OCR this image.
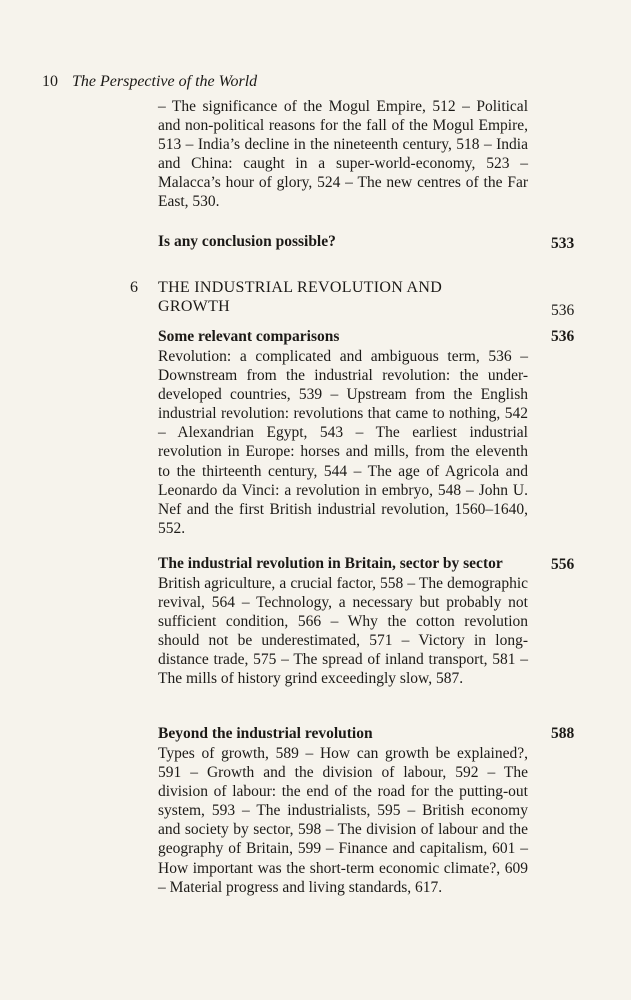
10 The Perspective of the World

– The significance of the Mogul Empire, 512 – Political and non-political reasons for the fall of the Mogul Empire, 513 – India’s decline in the nineteenth century, 518 – India and China: caught in a super-world-economy, 523 – Malacca’s hour of glory, 524 – The new centres of the Far East, 530.

Is any conclusion possible?	533
6 THE INDUSTRIAL REVOLUTION AND
GROWTH	536
Some relevant comparisons	536

Revolution: a complicated and ambiguous term, 536 – Downstream from the industrial revolution: the under-developed countries, 539 – Upstream from the English industrial revolution: revolutions that came to nothing, 542 – Alexandrian Egypt, 543 – The earliest industrial revolution in Europe: horses and mills, from the eleventh to the thirteenth century, 544 – The age of Agricola and Leonardo da Vinci: a revolution in embryo, 548 – John U. Nef and the first British industrial revolution, 1560–1640, 552.

The industrial revolution in Britain, sector by sector	556

British agriculture, a crucial factor, 558 – The demographic revival, 564 – Technology, a necessary but probably not sufficient condition, 566 – Why the cotton revolution should not be underestimated, 571 – Victory in long-distance trade, 575 – The spread of inland transport, 581 – The mills of history grind exceedingly slow, 587.

Beyond the industrial revolution	588

Types of growth, 589 – How can growth be explained?, 591 – Growth and the division of labour, 592 – The division of labour: the end of the road for the putting-out system, 593 – The industrialists, 595 – British economy and society by sector, 598 – The division of labour and the geography of Britain, 599 – Finance and capitalism, 601 – How important was the short-term economic climate?, 609 – Material progress and living standards, 617.
